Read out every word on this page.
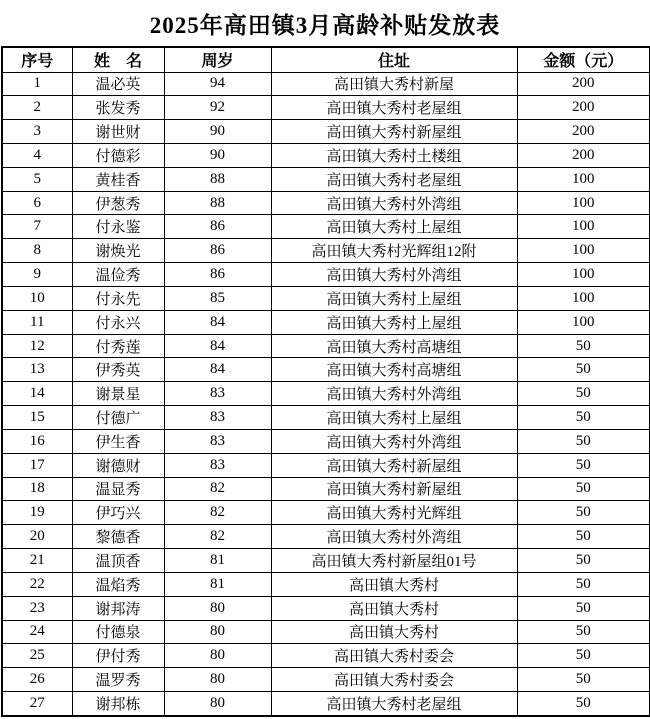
2025年高田镇3月高龄补贴发放表
序号	姓　名	周岁	住址	金额（元）
1	温必英	94	高田镇大秀村新屋	200
2	张发秀	92	高田镇大秀村老屋组	200
3	谢世财	90	高田镇大秀村新屋组	200
4	付德彩	90	高田镇大秀村土楼组	200
5	黄桂香	88	高田镇大秀村老屋组	100
6	伊葱秀	88	高田镇大秀村外湾组	100
7	付永鉴	86	高田镇大秀村上屋组	100
8	谢焕光	86	高田镇大秀村光辉组12附	100
9	温俭秀	86	高田镇大秀村外湾组	100
10	付永先	85	高田镇大秀村上屋组	100
11	付永兴	84	高田镇大秀村上屋组	100
12	付秀莲	84	高田镇大秀村高塘组	50
13	伊秀英	84	高田镇大秀村高塘组	50
14	谢景星	83	高田镇大秀村外湾组	50
15	付德广	83	高田镇大秀村上屋组	50
16	伊生香	83	高田镇大秀村外湾组	50
17	谢德财	83	高田镇大秀村新屋组	50
18	温显秀	82	高田镇大秀村新屋组	50
19	伊巧兴	82	高田镇大秀村光辉组	50
20	黎德香	82	高田镇大秀村外湾组	50
21	温顶香	81	高田镇大秀村新屋组01号	50
22	温焰秀	81	高田镇大秀村	50
23	谢邦涛	80	高田镇大秀村	50
24	付德泉	80	高田镇大秀村	50
25	伊付秀	80	高田镇大秀村委会	50
26	温罗秀	80	高田镇大秀村委会	50
27	谢邦栋	80	高田镇大秀村老屋组	50
